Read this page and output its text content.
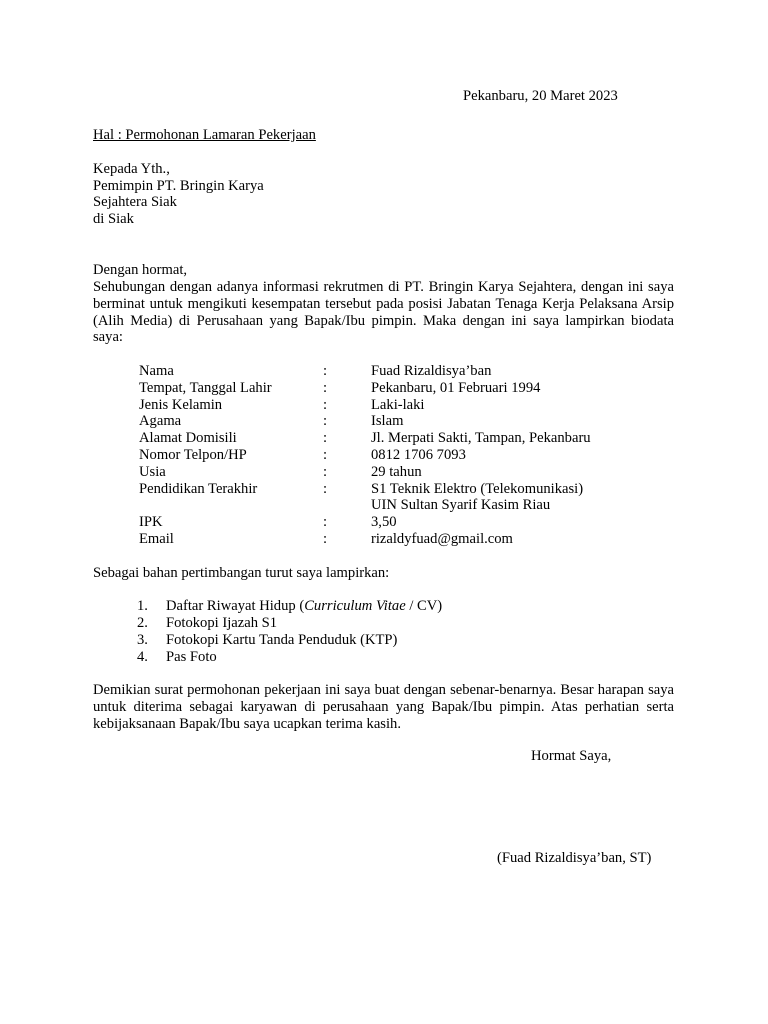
Pekanbaru, 20 Maret 2023
Hal : Permohonan Lamaran Pekerjaan
Kepada Yth.,
Pemimpin PT. Bringin Karya
Sejahtera Siak
di Siak
Dengan hormat,
Sehubungan dengan adanya informasi rekrutmen di PT. Bringin Karya Sejahtera, dengan ini saya berminat untuk mengikuti kesempatan tersebut pada posisi Jabatan Tenaga Kerja Pelaksana Arsip (Alih Media) di Perusahaan yang Bapak/Ibu pimpin. Maka dengan ini saya lampirkan biodata saya:
Nama	:	Fuad Rizaldisya’ban
Tempat, Tanggal Lahir	:	Pekanbaru, 01 Februari 1994
Jenis Kelamin	:	Laki-laki
Agama	:	Islam
Alamat Domisili	:	Jl. Merpati Sakti, Tampan, Pekanbaru
Nomor Telpon/HP	:	0812 1706 7093
Usia	:	29 tahun
Pendidikan Terakhir	:	S1 Teknik Elektro (Telekomunikasi)
UIN Sultan Syarif Kasim Riau
IPK	:	3,50
Email	:	rizaldyfuad@gmail.com
Sebagai bahan pertimbangan turut saya lampirkan:
1. Daftar Riwayat Hidup (Curriculum Vitae / CV)
2. Fotokopi Ijazah S1
3. Fotokopi Kartu Tanda Penduduk (KTP)
4. Pas Foto
Demikian surat permohonan pekerjaan ini saya buat dengan sebenar-benarnya. Besar harapan saya untuk diterima sebagai karyawan di perusahaan yang Bapak/Ibu pimpin. Atas perhatian serta kebijaksanaan Bapak/Ibu saya ucapkan terima kasih.
Hormat Saya,
(Fuad Rizaldisya’ban, ST)
